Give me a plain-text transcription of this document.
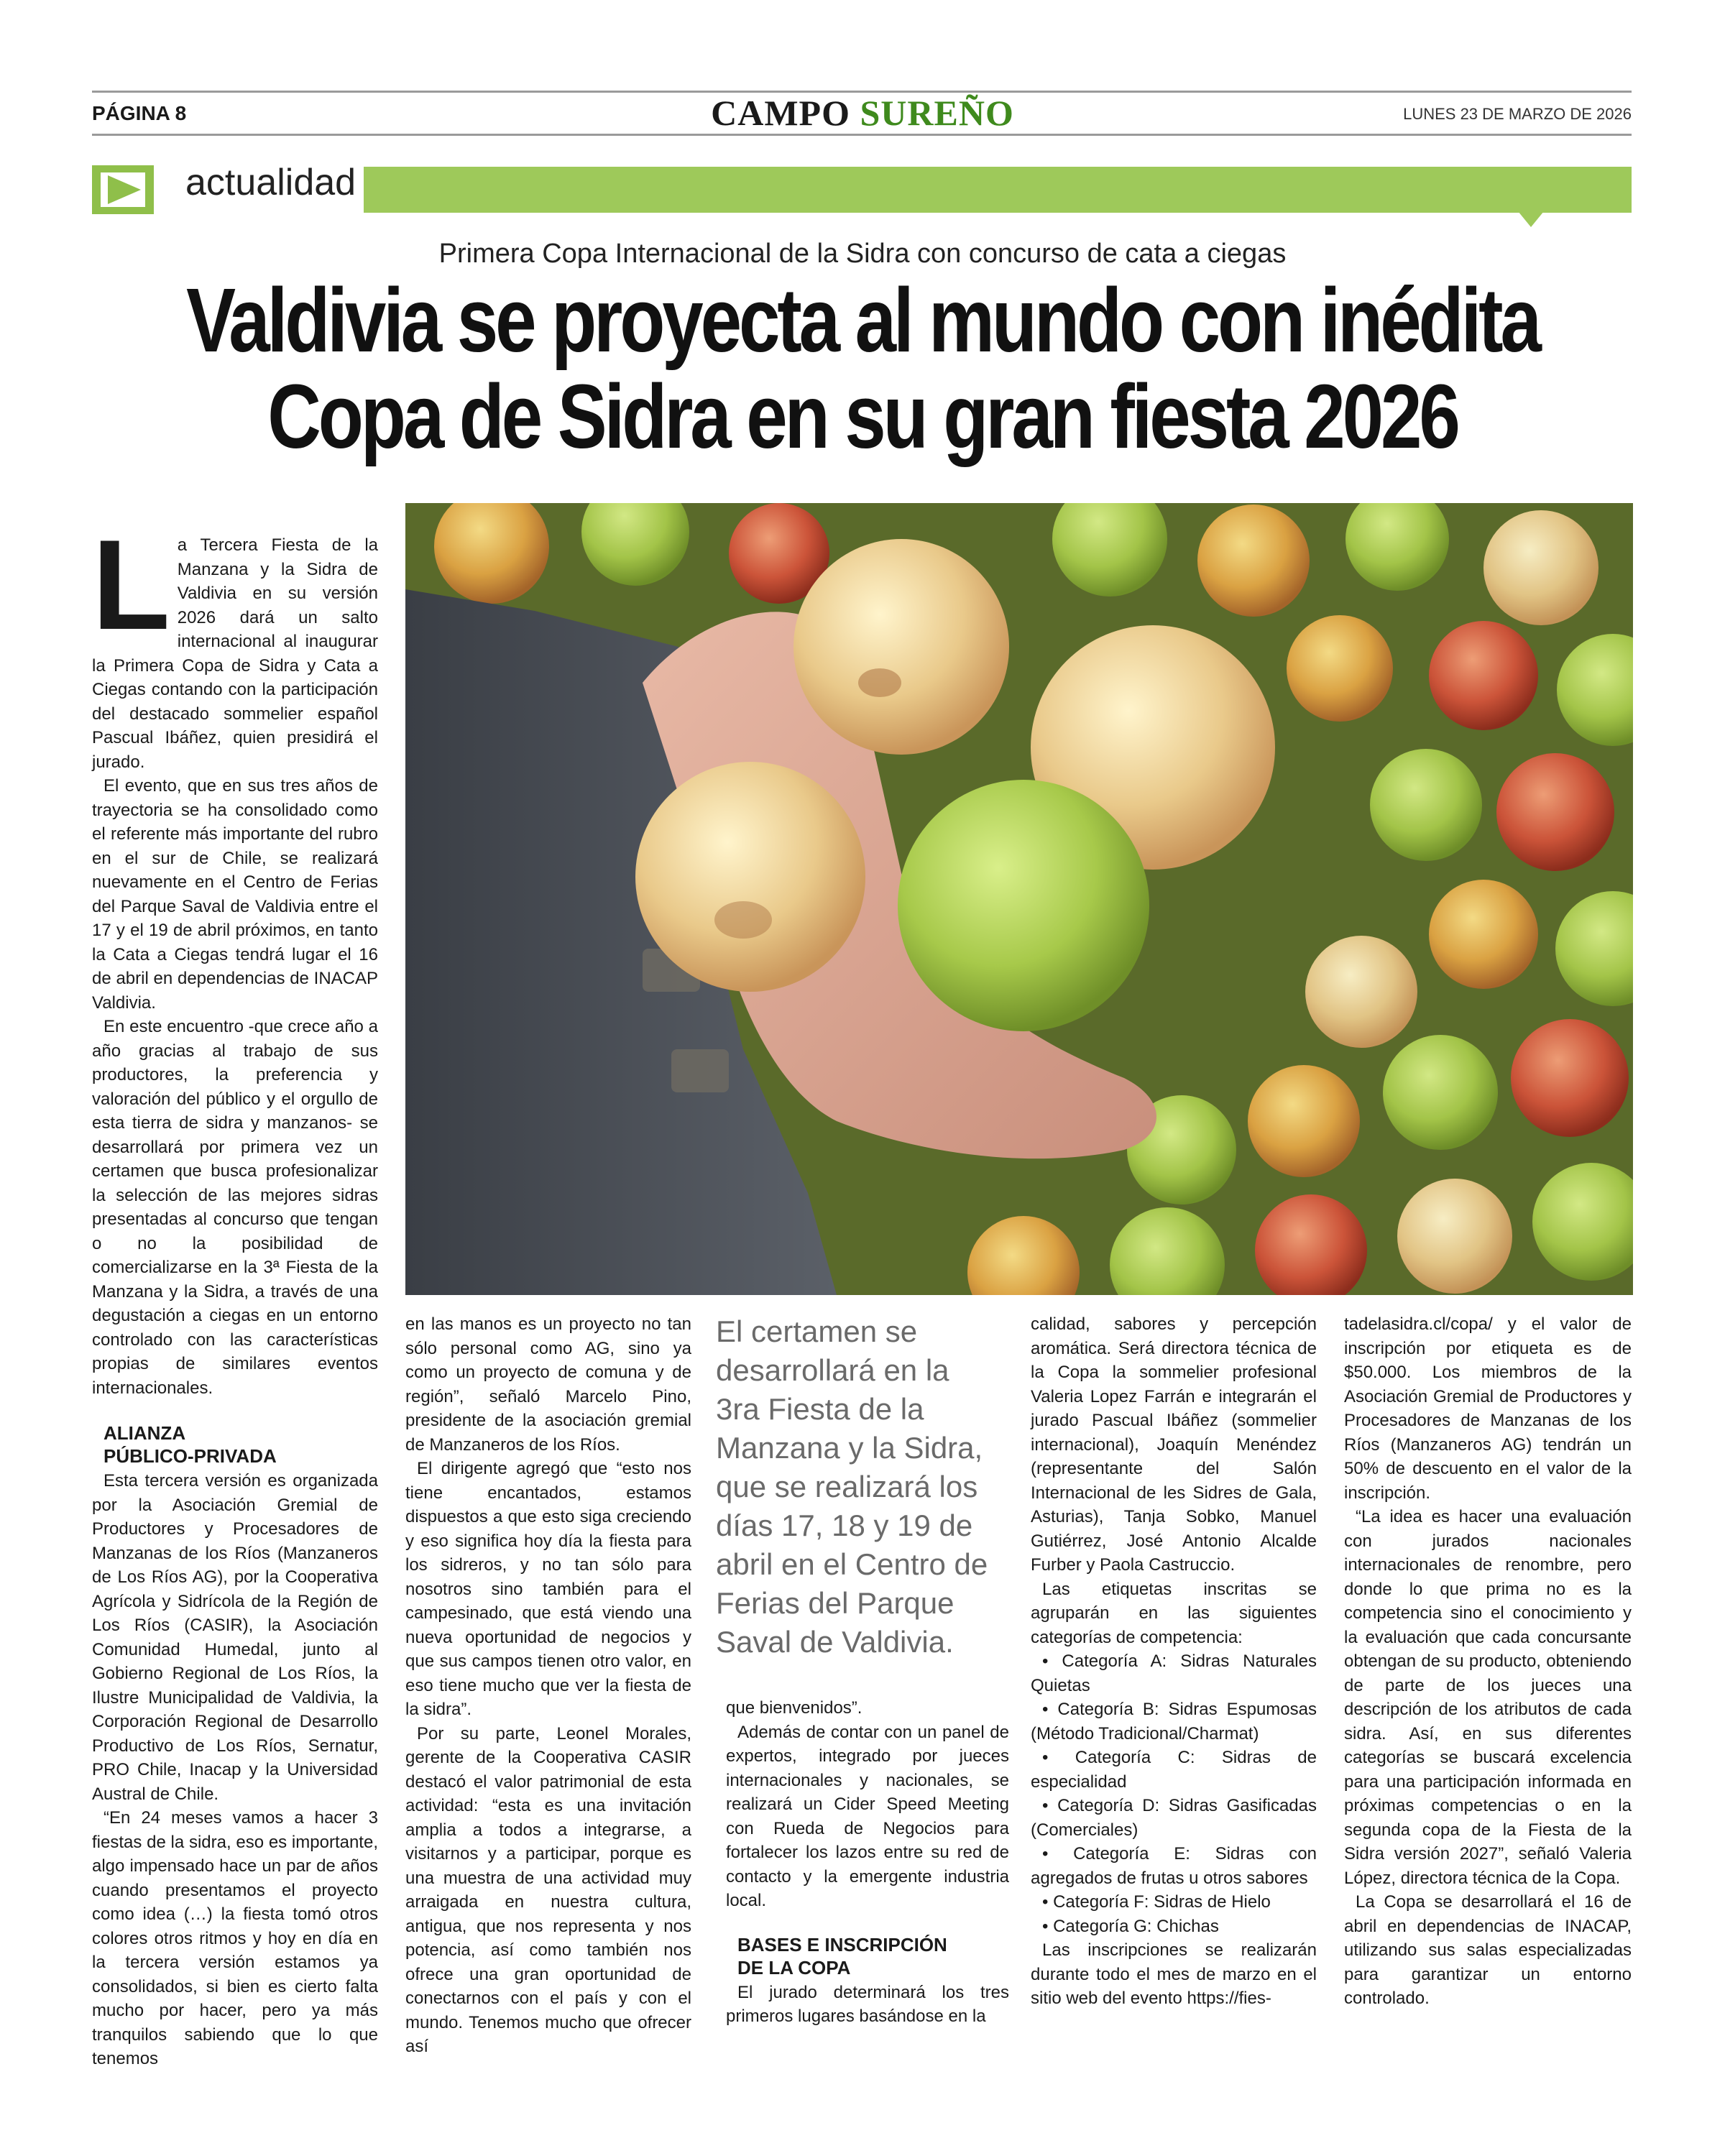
PÁGINA 8	CAMPO SUREÑO	LUNES 23 DE MARZO DE 2026
actualidad
Primera Copa Internacional de la Sidra con concurso de cata a ciegas
Valdivia se proyecta al mundo con inédita
Copa de Sidra en su gran fiesta 2026
L a Tercera Fiesta de la Manzana y la Sidra de Valdivia en su versión 2026 dará un salto internacional al inaugurar la Primera Copa de Sidra y Cata a Ciegas contando con la participación del destacado sommelier español Pascual Ibáñez, quien presidirá el jurado.

El evento, que en sus tres años de trayectoria se ha consolidado como el referente más importante del rubro en el sur de Chile, se realizará nuevamente en el Centro de Ferias del Parque Saval de Valdivia entre el 17 y el 19 de abril próximos, en tanto la Cata a Ciegas tendrá lugar el 16 de abril en dependencias de INACAP Valdivia.

En este encuentro -que crece año a año gracias al trabajo de sus productores, la preferencia y valoración del público y el orgullo de esta tierra de sidra y manzanos- se desarrollará por primera vez un certamen que busca profesionalizar la selección de las mejores sidras presentadas al concurso que tengan o no la posibilidad de comercializarse en la 3ª Fiesta de la Manzana y la Sidra, a través de una degustación a ciegas en un entorno controlado con las características propias de similares eventos internacionales.

ALIANZA
PÚBLICO-PRIVADA

Esta tercera versión es organizada por la Asociación Gremial de Productores y Procesadores de Manzanas de los Ríos (Manzaneros de Los Ríos AG), por la Cooperativa Agrícola y Sidrícola de la Región de Los Ríos (CASIR), la Asociación Comunidad Humedal, junto al Gobierno Regional de Los Ríos, la Ilustre Municipalidad de Valdivia, la Corporación Regional de Desarrollo Productivo de Los Ríos, Sernatur, PRO Chile, Inacap y la Universidad Austral de Chile.

“En 24 meses vamos a hacer 3 fiestas de la sidra, eso es importante, algo impensado hace un par de años cuando presentamos el proyecto como idea (…) la fiesta tomó otros colores otros ritmos y hoy en día en la tercera versión estamos ya consolidados, si bien es cierto falta mucho por hacer, pero ya más tranquilos sabiendo que lo que tenemos

en las manos es un proyecto no tan sólo personal como AG, sino ya como un proyecto de comuna y de región”, señaló Marcelo Pino, presidente de la asociación gremial de Manzaneros de los Ríos.

El dirigente agregó que “esto nos tiene encantados, estamos dispuestos a que esto siga creciendo y eso significa hoy día la fiesta para los sidreros, y no tan sólo para nosotros sino también para el campesinado, que está viendo una nueva oportunidad de negocios y que sus campos tienen otro valor, en eso tiene mucho que ver la fiesta de la sidra”.

Por su parte, Leonel Morales, gerente de la Cooperativa CASIR destacó el valor patrimonial de esta actividad: “esta es una invitación amplia a todos a integrarse, a visitarnos y a participar, porque es una muestra de una actividad muy arraigada en nuestra cultura, antigua, que nos representa y nos potencia, así como también nos ofrece una gran oportunidad de conectarnos con el país y con el mundo. Tenemos mucho que ofrecer así

El certamen se desarrollará en la 3ra Fiesta de la Manzana y la Sidra, que se realizará los días 17, 18 y 19 de abril en el Centro de Ferias del Parque Saval de Valdivia.

que bienvenidos”.

Además de contar con un panel de expertos, integrado por jueces internacionales y nacionales, se realizará un Cider Speed Meeting con Rueda de Negocios para fortalecer los lazos entre su red de contacto y la emergente industria local.

BASES E INSCRIPCIÓN
DE LA COPA

El jurado determinará los tres primeros lugares basándose en la

calidad, sabores y percepción aromática. Será directora técnica de la Copa la sommelier profesional Valeria Lopez Farrán e integrarán el jurado Pascual Ibáñez (sommelier internacional), Joaquín Menéndez (representante del Salón Internacional de les Sidres de Gala, Asturias), Tanja Sobko, Manuel Gutiérrez, José Antonio Alcalde Furber y Paola Castruccio.

Las etiquetas inscritas se agruparán en las siguientes categorías de competencia:

• Categoría A: Sidras Naturales Quietas

• Categoría B: Sidras Espumosas (Método Tradicional/Charmat)

• Categoría C: Sidras de especialidad

• Categoría D: Sidras Gasificadas (Comerciales)

• Categoría E: Sidras con agregados de frutas u otros sabores

• Categoría F: Sidras de Hielo

• Categoría G: Chichas

Las inscripciones se realizarán durante todo el mes de marzo en el sitio web del evento https://fies-

tadelasidra.cl/copa/ y el valor de inscripción por etiqueta es de $50.000. Los miembros de la Asociación Gremial de Productores y Procesadores de Manzanas de los Ríos (Manzaneros AG) tendrán un 50% de descuento en el valor de la inscripción.

“La idea es hacer una evaluación con jurados nacionales internacionales de renombre, pero donde lo que prima no es la competencia sino el conocimiento y la evaluación que cada concursante obtengan de su producto, obteniendo de parte de los jueces una descripción de los atributos de cada sidra. Así, en sus diferentes categorías se buscará excelencia para una participación informada en próximas competencias o en la segunda copa de la Fiesta de la Sidra versión 2027”, señaló Valeria López, directora técnica de la Copa.

La Copa se desarrollará el 16 de abril en dependencias de INACAP, utilizando sus salas especializadas para garantizar un entorno controlado.
